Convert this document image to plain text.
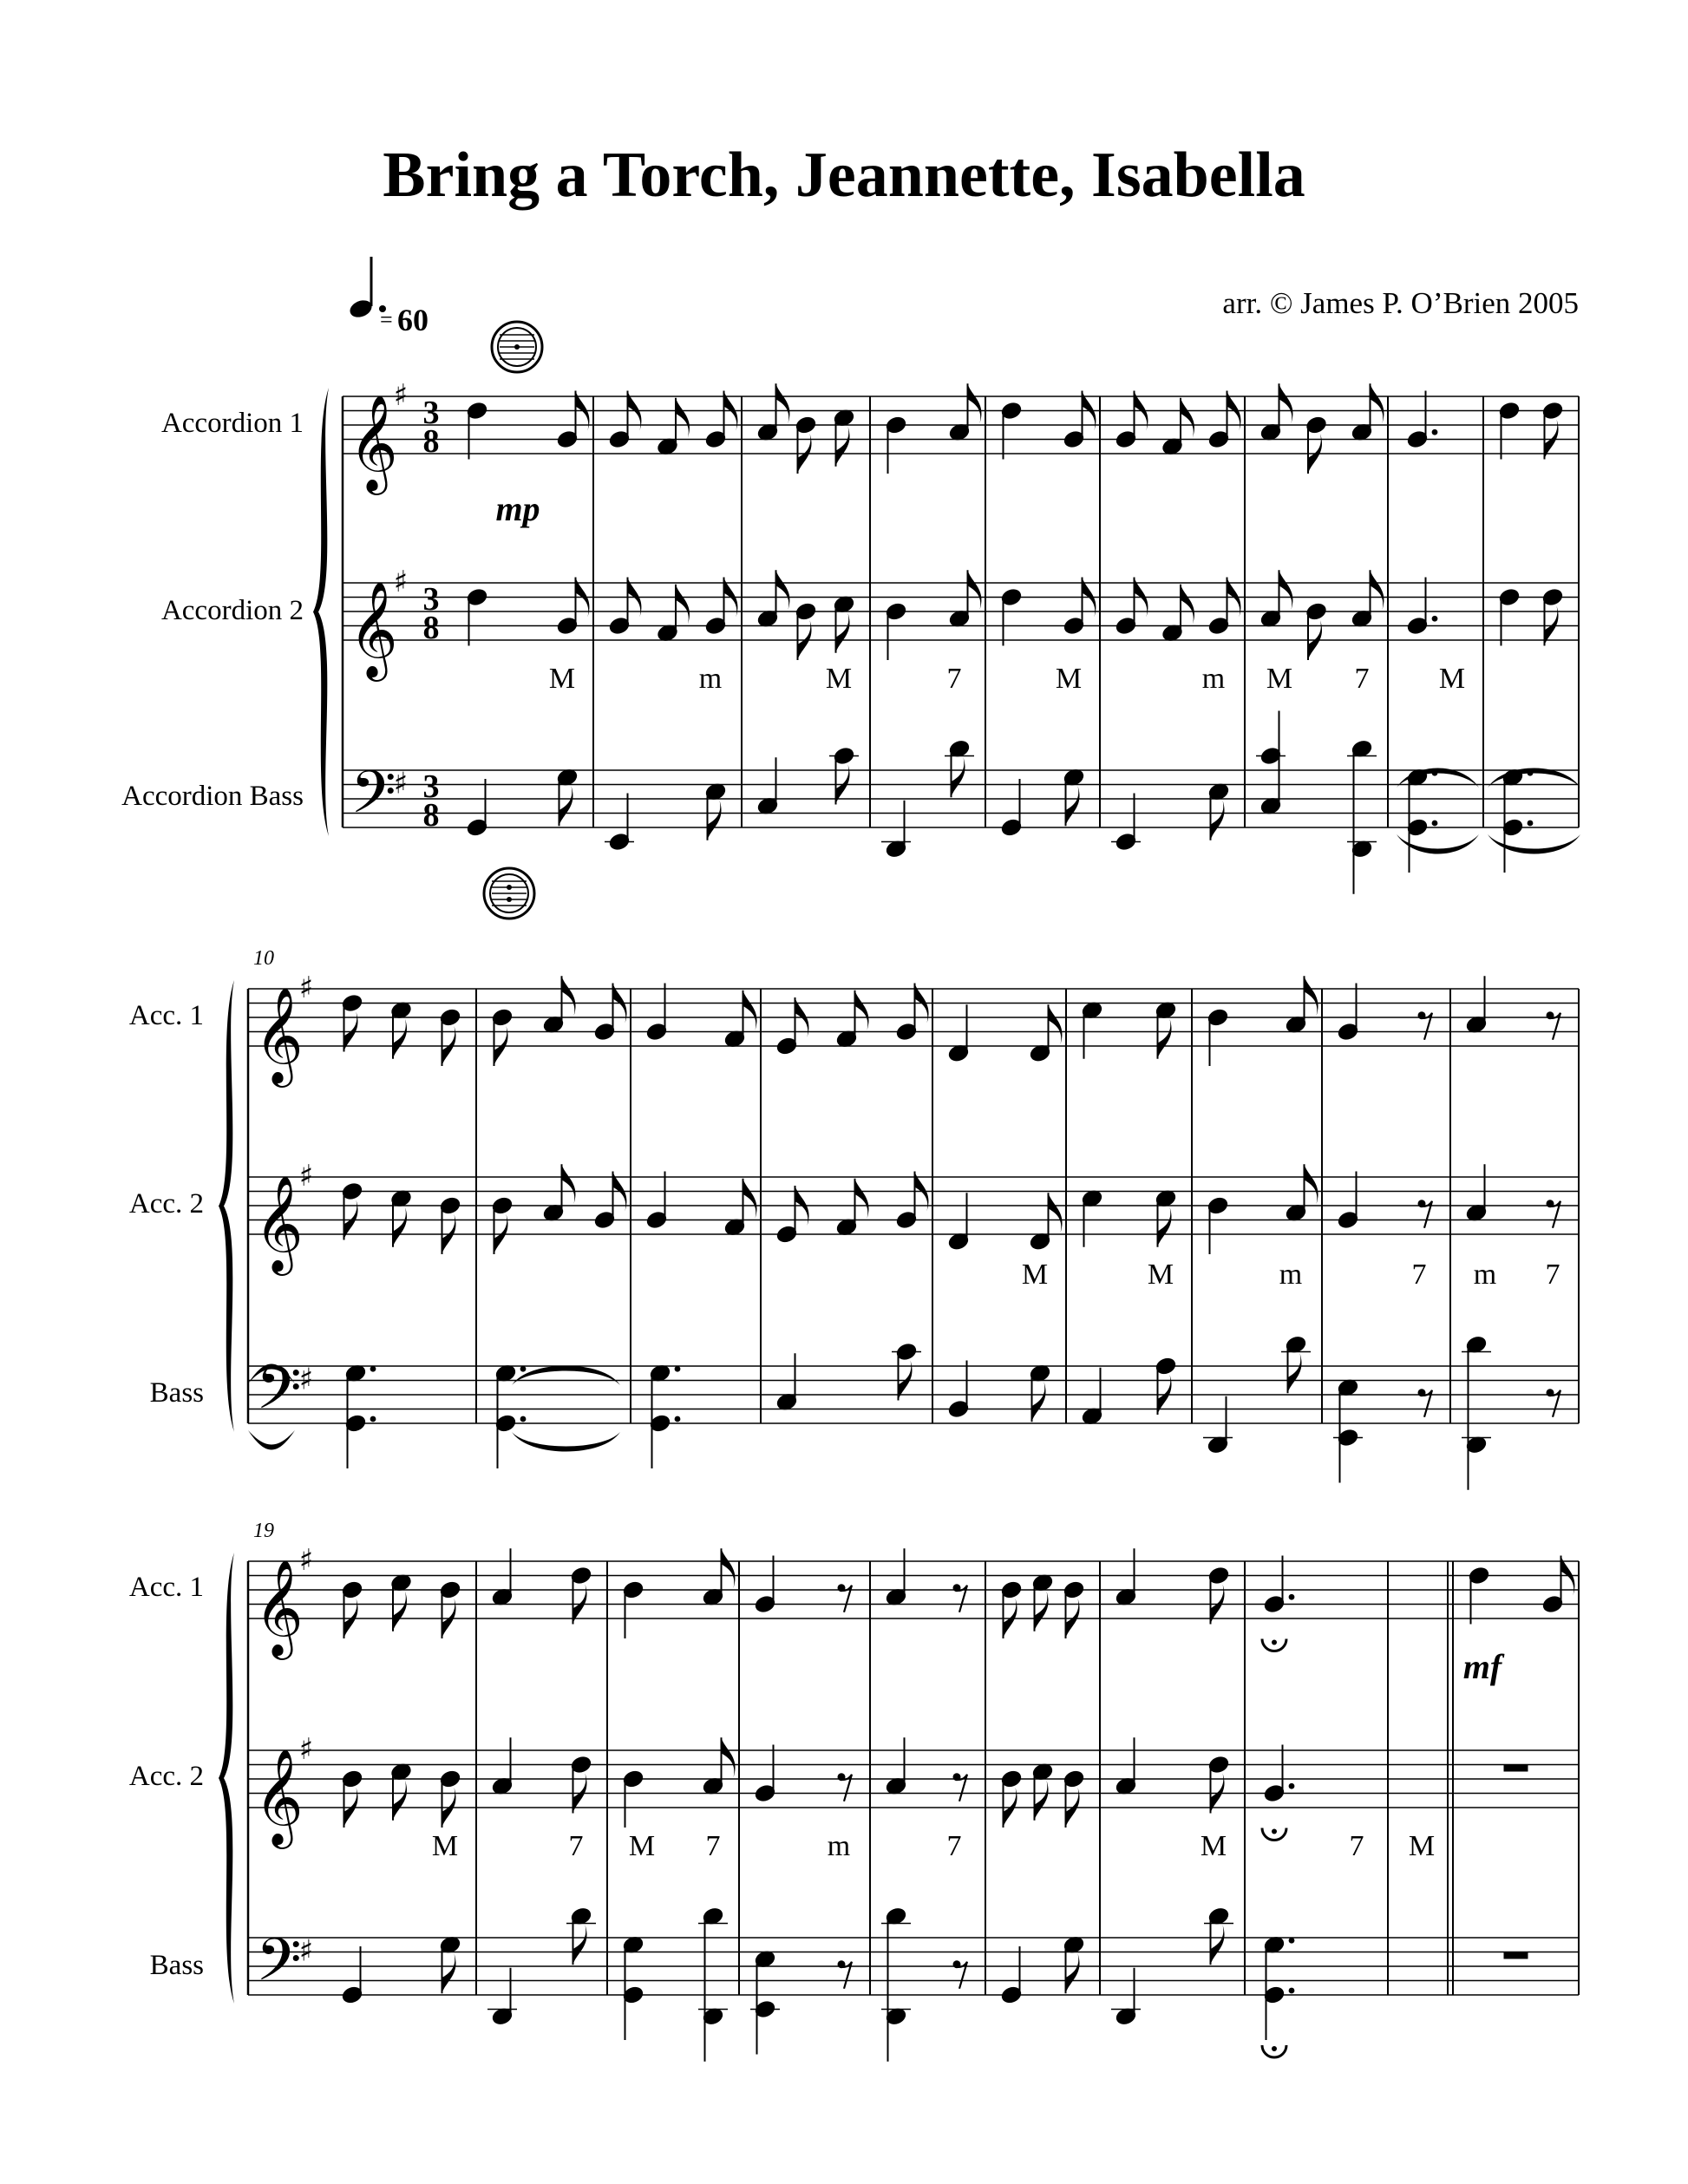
Bring a Torch, Jeannette, Isabella
arr. © James P. O’Brien 2005
= 60
Accordion 1
Accordion 2
Accordion Bass
Acc. 1
Acc. 2
Bass
Acc. 1
Acc. 2
Bass
𝄞
𝄞
𝄢
♯
♯
♯
3
8
3
8
3
8
M	m	M	7	M	m M 7 M
𝄞
𝄞
𝄢
♯
♯
♯
M	M	m	7 m 7
𝄞
𝄞
𝄢
♯
♯
♯
M	7 M 7	m	7	M	7 M
10
19
mp
mf
